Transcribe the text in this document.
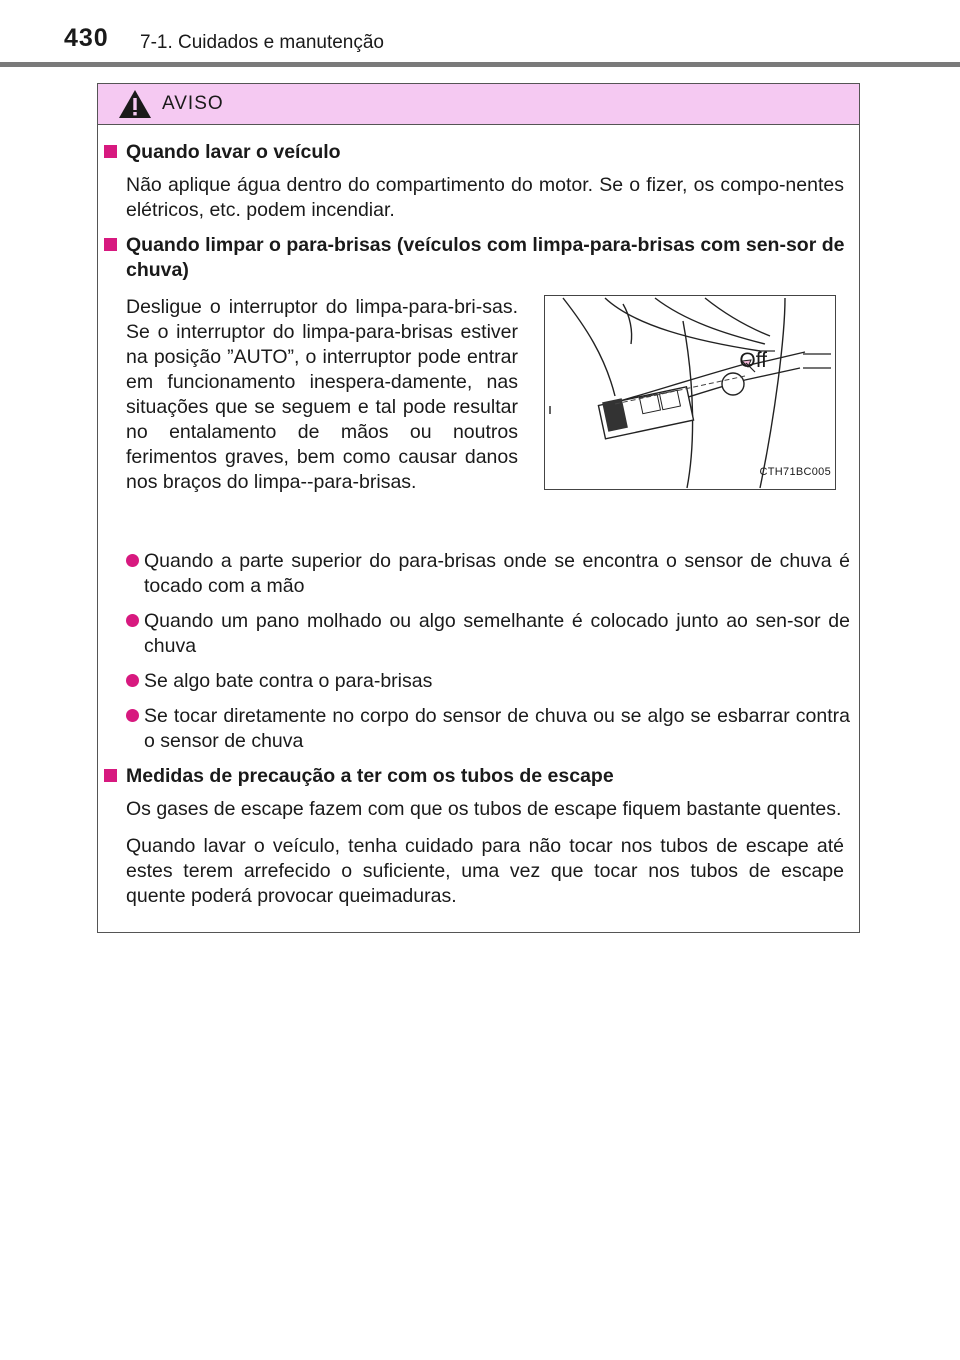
430 7-1. Cuidados e manutenção
AVISO
Quando lavar o veículo
Não aplique água dentro do compartimento do motor. Se o fizer, os compo-nentes elétricos, etc. podem incendiar.
Quando limpar o para-brisas (veículos com limpa-para-brisas com sen-sor de chuva)
Desligue o interruptor do limpa-para-bri-sas. Se o interruptor do limpa-para-brisas estiver na posição ”AUTO”, o interruptor pode entrar em funcionamento inespera-damente, nas situações que se seguem e tal pode resultar no entalamento de mãos ou noutros ferimentos graves, bem como causar danos nos braços do limpa--para-brisas.
Off
CTH71BC005
Quando a parte superior do para-brisas onde se encontra o sensor de chuva é tocado com a mão
Quando um pano molhado ou algo semelhante é colocado junto ao sen-sor de chuva
Se algo bate contra o para-brisas
Se tocar diretamente no corpo do sensor de chuva ou se algo se esbarrar contra o sensor de chuva
Medidas de precaução a ter com os tubos de escape
Os gases de escape fazem com que os tubos de escape fiquem bastante quentes.
Quando lavar o veículo, tenha cuidado para não tocar nos tubos de escape até estes terem arrefecido o suficiente, uma vez que tocar nos tubos de escape quente poderá provocar queimaduras.
